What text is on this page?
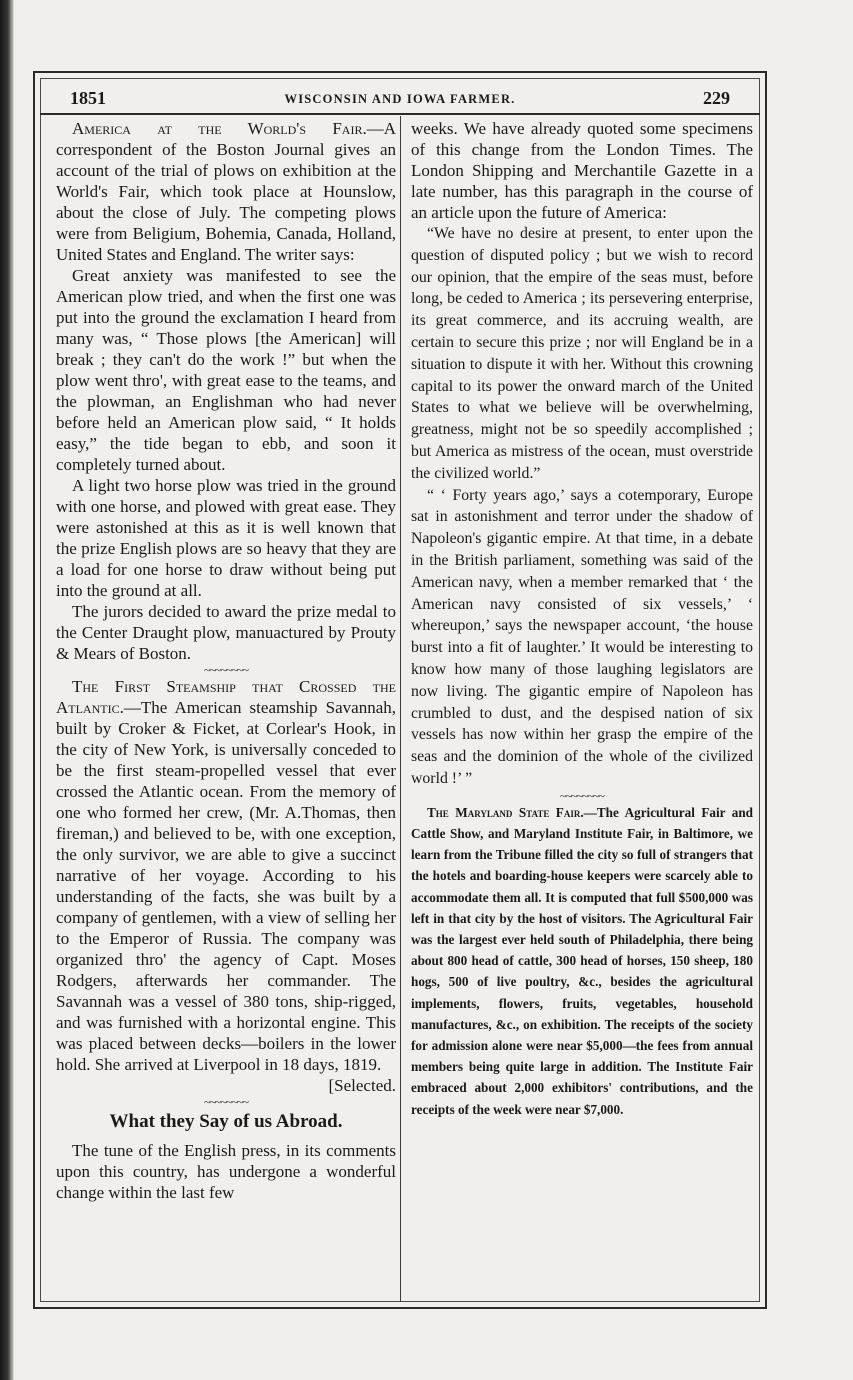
1851	WISCONSIN AND IOWA FARMER.	229

America at the World's Fair.—A correspondent of the Boston Journal gives an account of the trial of plows on exhibition at the World's Fair, which took place at Hounslow, about the close of July. The competing plows were from Beligium, Bohemia, Canada, Holland, United States and England. The writer says:

Great anxiety was manifested to see the American plow tried, and when the first one was put into the ground the exclamation I heard from many was, “ Those plows [the American] will break ; they can't do the work !” but when the plow went thro', with great ease to the teams, and the plowman, an Englishman who had never before held an American plow said, “ It holds easy,” the tide began to ebb, and soon it completely turned about.

A light two horse plow was tried in the ground with one horse, and plowed with great ease. They were astonished at this as it is well known that the prize English plows are so heavy that they are a load for one horse to draw without being put into the ground at all.

The jurors decided to award the prize medal to the Center Draught plow, manuactured by Prouty & Mears of Boston.

~~~~~~~~

The First Steamship that Crossed the Atlantic.—The American steamship Savannah, built by Croker & Ficket, at Corlear's Hook, in the city of New York, is universally conceded to be the first steam-propelled vessel that ever crossed the Atlantic ocean. From the memory of one who formed her crew, (Mr. A.Thomas, then fireman,) and believed to be, with one exception, the only survivor, we are able to give a succinct narrative of her voyage. According to his understanding of the facts, she was built by a company of gentlemen, with a view of selling her to the Emperor of Russia. The company was organized thro' the agency of Capt. Moses Rodgers, afterwards her commander. The Savannah was a vessel of 380 tons, ship-rigged, and was furnished with a horizontal engine. This was placed between decks—boilers in the lower hold. She arrived at Liverpool in 18 days, 1819.
[Selected.

~~~~~~~~
What they Say of us Abroad.

The tune of the English press, in its comments upon this country, has undergone a wonderful change within the last few

weeks. We have already quoted some specimens of this change from the London Times. The London Shipping and Merchantile Gazette in a late number, has this paragraph in the course of an article upon the future of America:

“We have no desire at present, to enter upon the question of disputed policy ; but we wish to record our opinion, that the empire of the seas must, before long, be ceded to America ; its persevering enterprise, its great commerce, and its accruing wealth, are certain to secure this prize ; nor will England be in a situation to dispute it with her. Without this crowning capital to its power the onward march of the United States to what we believe will be overwhelming, greatness, might not be so speedily accomplished ; but America as mistress of the ocean, must overstride the civilized world.”

“ ‘ Forty years ago,’ says a cotemporary, Europe sat in astonishment and terror under the shadow of Napoleon's gigantic empire. At that time, in a debate in the British parliament, something was said of the American navy, when a member remarked that ‘ the American navy consisted of six vessels,’ ‘ whereupon,’ says the newspaper account, ‘the house burst into a fit of laughter.’ It would be interesting to know how many of those laughing legislators are now living. The gigantic empire of Napoleon has crumbled to dust, and the despised nation of six vessels has now within her grasp the empire of the seas and the dominion of the whole of the civilized world !’ ”

~~~~~~~~

The Maryland State Fair.—The Agricultural Fair and Cattle Show, and Maryland Institute Fair, in Baltimore, we learn from the Tribune filled the city so full of strangers that the hotels and boarding-house keepers were scarcely able to accommodate them all. It is computed that full $500,000 was left in that city by the host of visitors. The Agricultural Fair was the largest ever held south of Philadelphia, there being about 800 head of cattle, 300 head of horses, 150 sheep, 180 hogs, 500 of live poultry, &c., besides the agricultural implements, flowers, fruits, vegetables, household manufactures, &c., on exhibition. The receipts of the society for admission alone were near $5,000—the fees from annual members being quite large in addition. The Institute Fair embraced about 2,000 exhibitors' contributions, and the receipts of the week were near $7,000.
